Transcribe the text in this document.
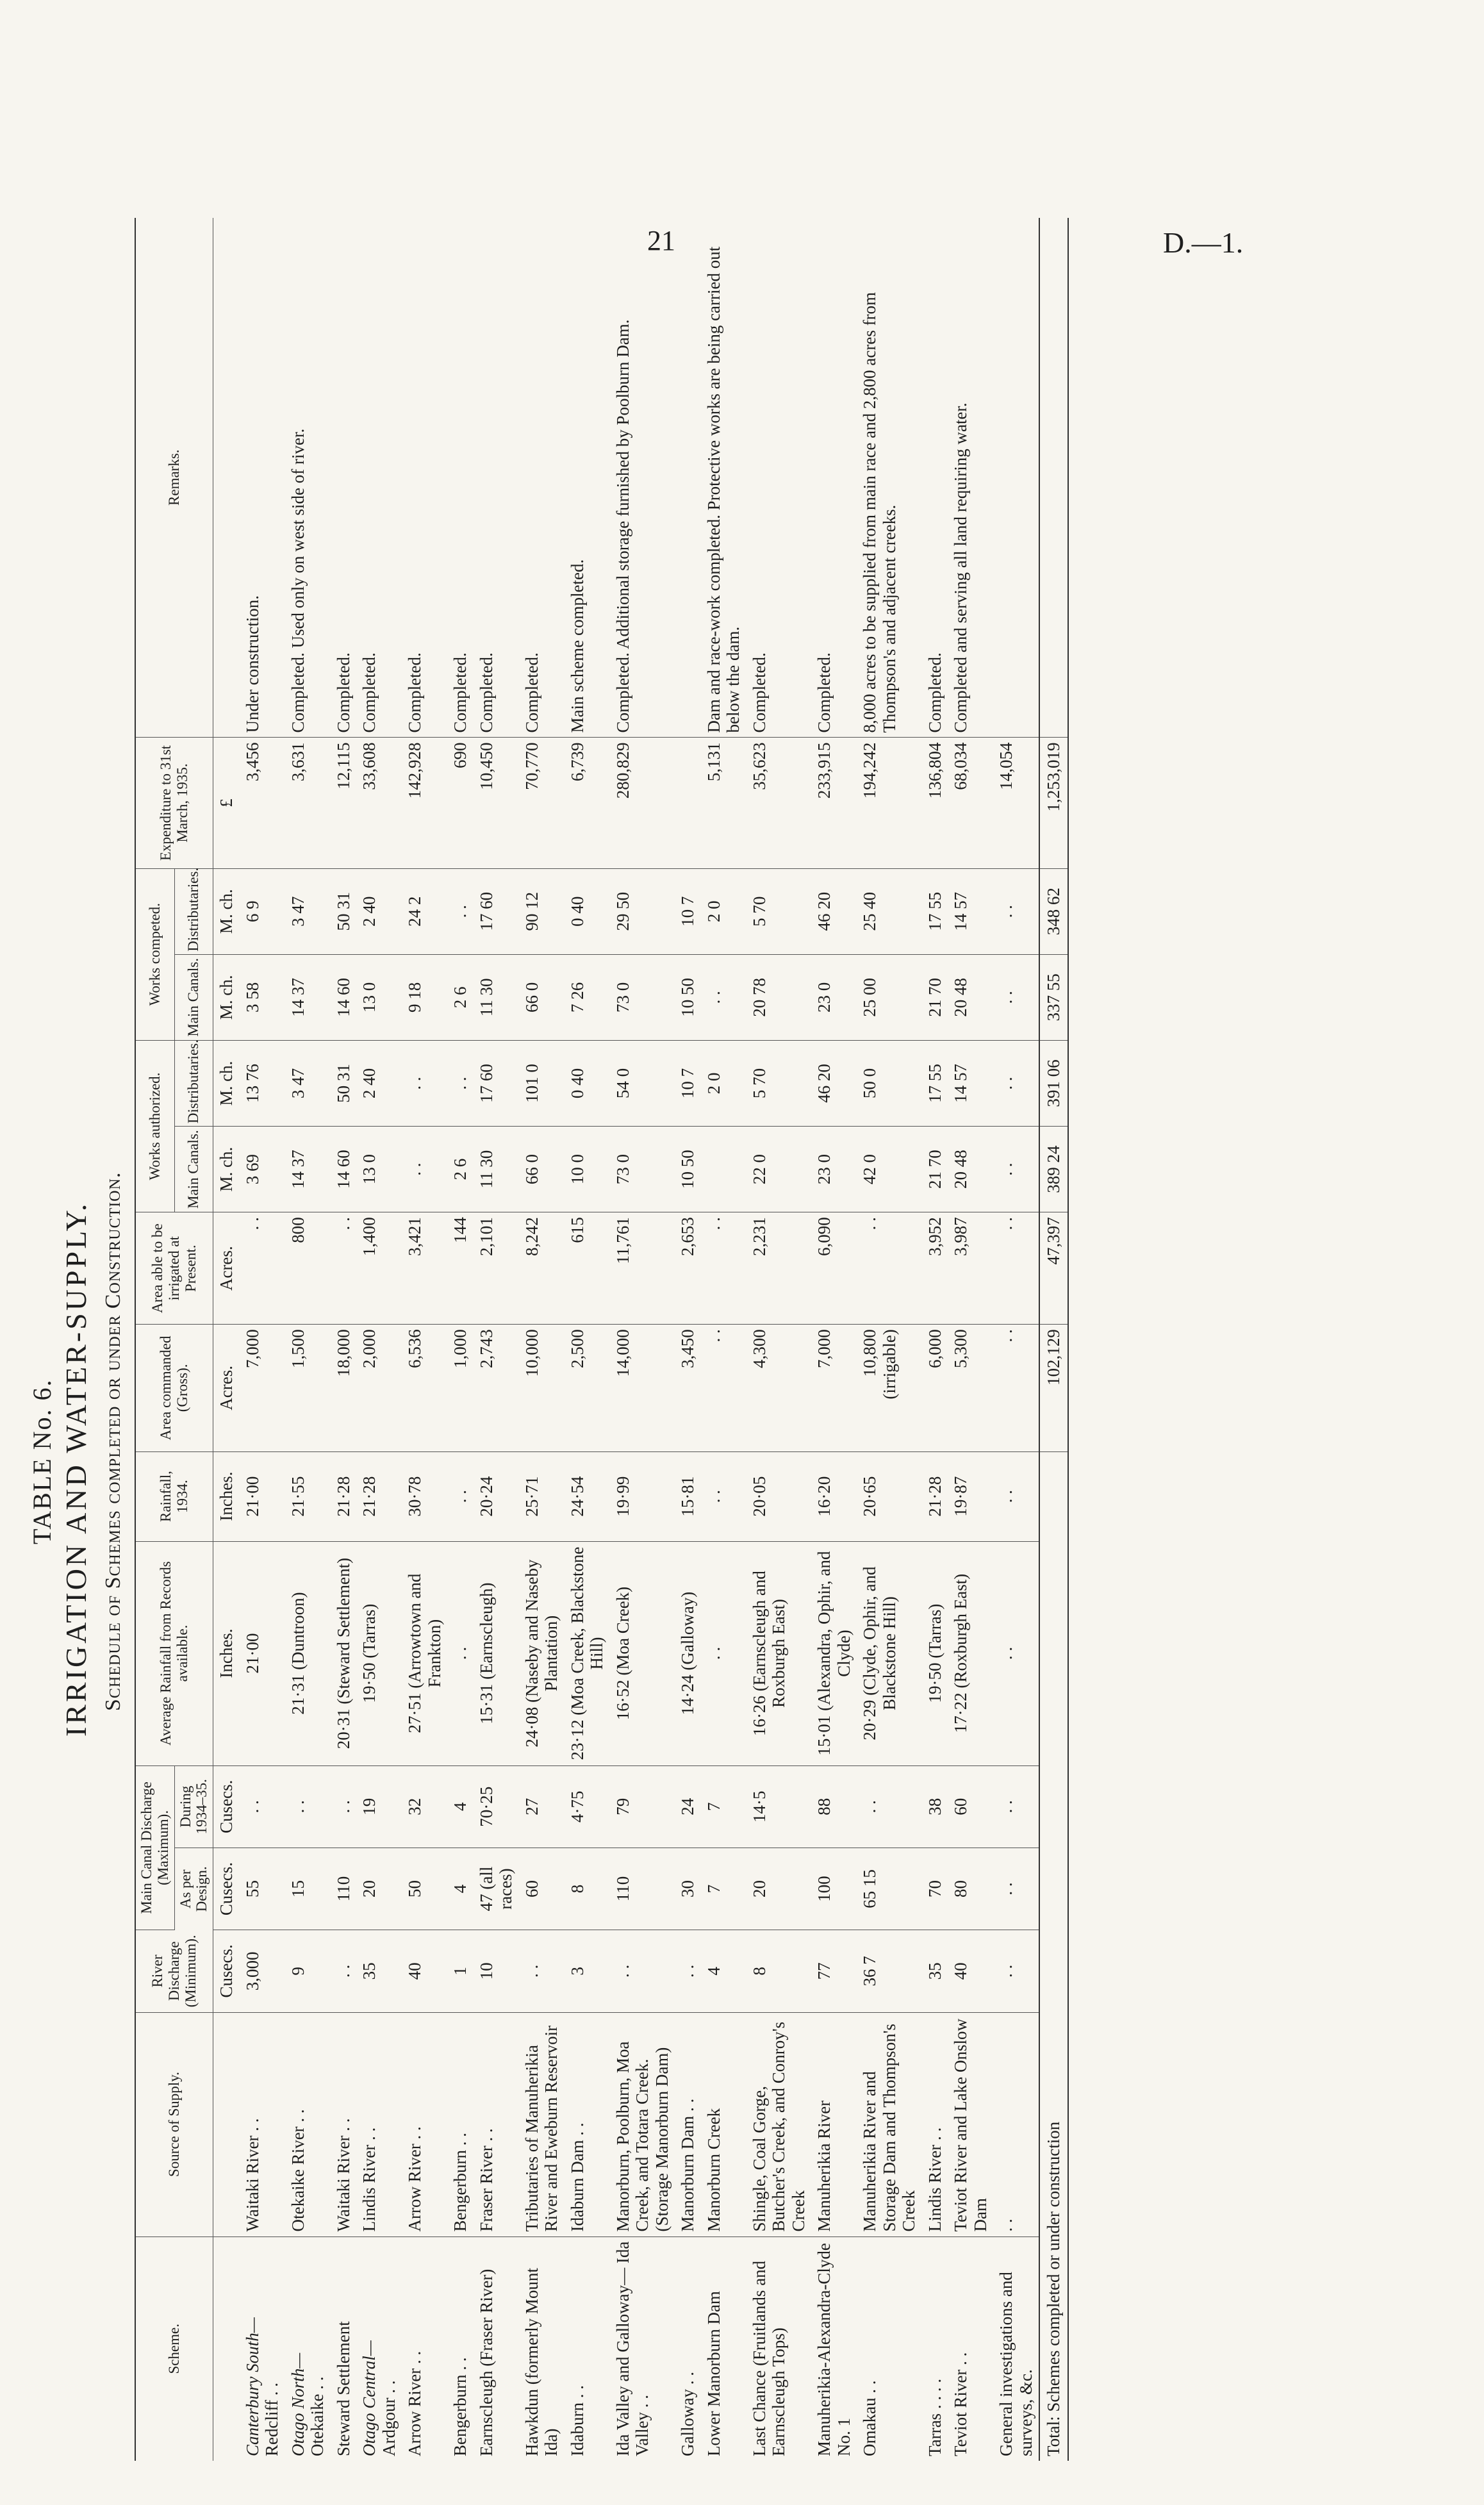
21	D.—1.
TABLE No. 6. IRRIGATION AND WATER-SUPPLY. Schedule of Schemes completed or under Construction.
Scheme.	Source of Supply.	River Discharge (Minimum).	Main Canal Discharge (Maximum).		Average Rainfall from Records available.	Rainfall, 1934.	Area commanded (Gross).	Area able to be irrigated at Present.	Works authorized.		Works competed.		Expenditure to 31st March, 1935.	Remarks.
			As per Design.	During 1934–35.					Main Canals.	Distributaries.	Main Canals.	Distributaries.		
		Cusecs.	Cusecs.	Cusecs.	Inches.	Inches.	Acres.	Acres.	M. ch.	M. ch.	M. ch.	M. ch.	£	

Canterbury South— Redcliff . .	Waitaki River . .	3,000	55	. .	21·00	21·00	7,000	. .	3 69	13 76	3 58	6 9	3,456	Under construction.

Otago North— Otekaike . .	Otekaike River . .	9	15	. .	21·31 (Duntroon)	21·55	1,500	800	14 37	3 47	14 37	3 47	3,631	Completed. Used only on west side of river.

Steward Settlement	Waitaki River . .	. .	110	. .	20·31 (Steward Settlement)	21·28	18,000	. .	14 60	50 31	14 60	50 31	12,115	Completed.

Otago Central— Ardgour . .	Lindis River . .	35	20	19	19·50 (Tarras)	21·28	2,000	1,400	13 0	2 40	13 0	2 40	33,608	Completed.

Arrow River . .	Arrow River . .	40	50	32	27·51 (Arrowtown and Frankton)	30·78	6,536	3,421	. .	. .	9 18	24 2	142,928	Completed.

Bengerburn . .	Bengerburn . .	1	4	4	. .	. .	1,000	144	2 6	. .	2 6	. .	690	Completed.

Earnscleugh (Fraser River)	Fraser River . .	10	47 (all races)	70·25	15·31 (Earnscleugh)	20·24	2,743	2,101	11 30	17 60	11 30	17 60	10,450	Completed.

Hawkdun (formerly Mount Ida)	Tributaries of Manuherikia River and Eweburn Reservoir	. .	60	27	24·08 (Naseby and Naseby Plantation)	25·71	10,000	8,242	66 0	101 0	66 0	90 12	70,770	Completed.

Idaburn . .	Idaburn Dam . .	3	8	4·75	23·12 (Moa Creek, Blackstone Hill)	24·54	2,500	615	10 0	0 40	7 26	0 40	6,739	Main scheme completed.

Ida Valley and Galloway— Ida Valley . .	Manorburn, Poolburn, Moa Creek, and Totara Creek. (Storage Manorburn Dam)	. .	110	79	16·52 (Moa Creek)	19·99	14,000	11,761	73 0	54 0	73 0	29 50	280,829	Completed. Additional storage furnished by Poolburn Dam.

Galloway . .	Manorburn Dam . .	. .	30	24	14·24 (Galloway)	15·81	3,450	2,653	10 50	10 7	10 50	10 7		

Lower Manorburn Dam	Manorburn Creek	4	7	7	. .	. .	. .	. .		2 0	. .	2 0	5,131	Dam and race-work completed. Protective works are being carried out below the dam.

Last Chance (Fruitlands and Earnscleugh Tops)	Shingle, Coal Gorge, Butcher's Creek, and Conroy's Creek	8	20	14·5	16·26 (Earnscleugh and Roxburgh East)	20·05	4,300	2,231	22 0	5 70	20 78	5 70	35,623	Completed.

Manuherikia-Alexandra-Clyde No. 1	Manuherikia River	77	100	88	15·01 (Alexandra, Ophir, and Clyde)	16·20	7,000	6,090	23 0	46 20	23 0	46 20	233,915	Completed.

Omakau . .	Manuherikia River and Storage Dam and Thompson's Creek	36 7	65 15	. .	20·29 (Clyde, Ophir, and Blackstone Hill)	20·65	10,800 (irrigable)	. .	42 0	50 0	25 00	25 40	194,242	8,000 acres to be supplied from main race and 2,800 acres from Thompson's and adjacent creeks.

Tarras . . . .	Lindis River . .	35	70	38	19·50 (Tarras)	21·28	6,000	3,952	21 70	17 55	21 70	17 55	136,804	Completed.

Teviot River . .	Teviot River and Lake Onslow Dam	40	80	60	17·22 (Roxburgh East)	19·87	5,300	3,987	20 48	14 57	20 48	14 57	68,034	Completed and serving all land requiring water.

General investigations and surveys, &c.	. .	. .	. .	. .	. .	. .	. .	. .	. .	. .	. .	. .	14,054	

Total: Schemes completed or under construction							102,129	47,397	389 24	391 06	337 55	348 62	1,253,019	
